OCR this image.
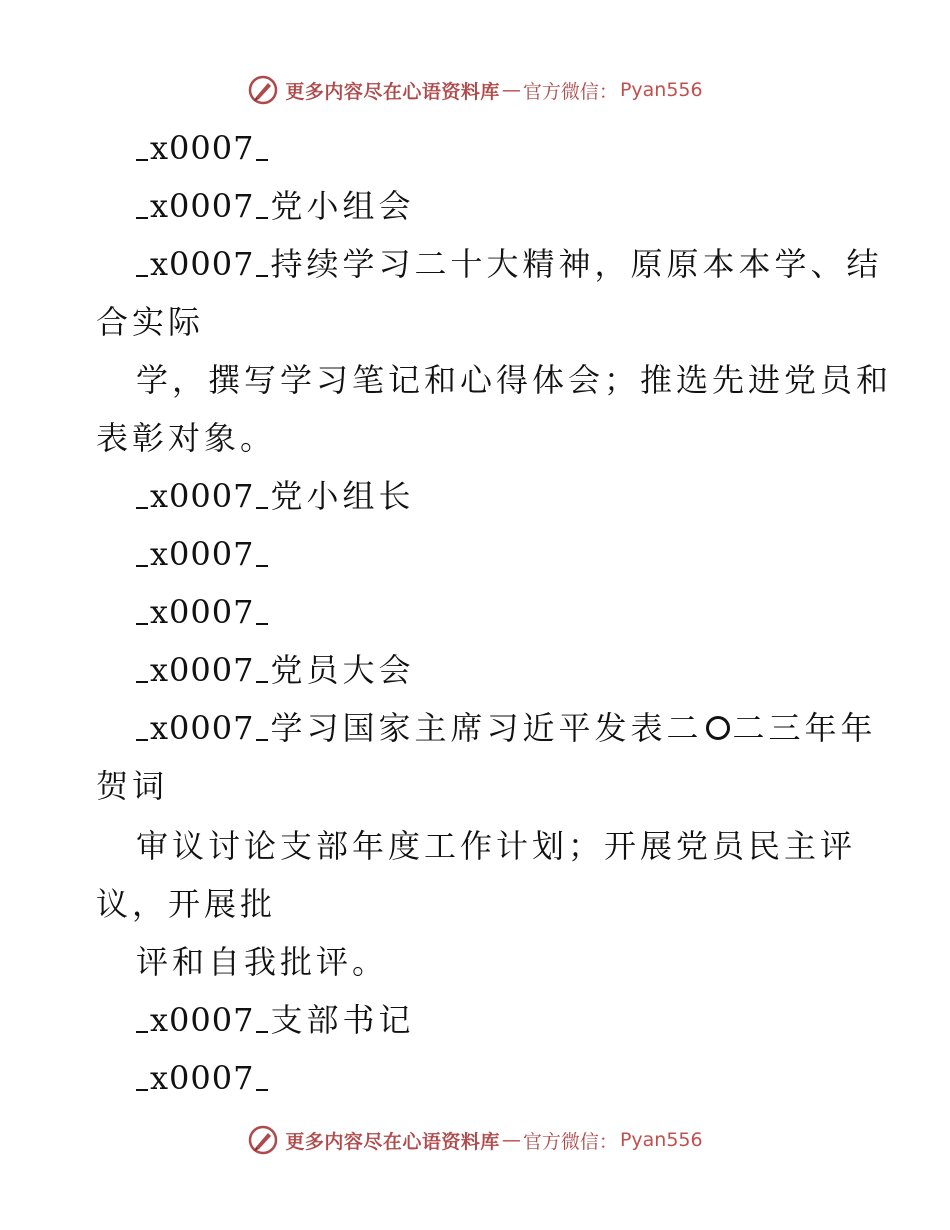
更多内容尽在心语资料库 — 官方微信： Pyan556
x0007
x0007 党小组会
x0007 持续学习二十大精神，原原本本学、结
合实际
学，撰写学习笔记和心得体会；推选先进党员和
表彰对象。
x0007 党小组长
x0007
x0007
x0007 党员大会
x0007 学习国家主席习近平发表二 二三年年
贺词
审议讨论支部年度工作计划；开展党员民主评
议，开展批
评和自我批评。
x0007 支部书记
x0007
更多内容尽在心语资料库 — 官方微信： Pyan556
